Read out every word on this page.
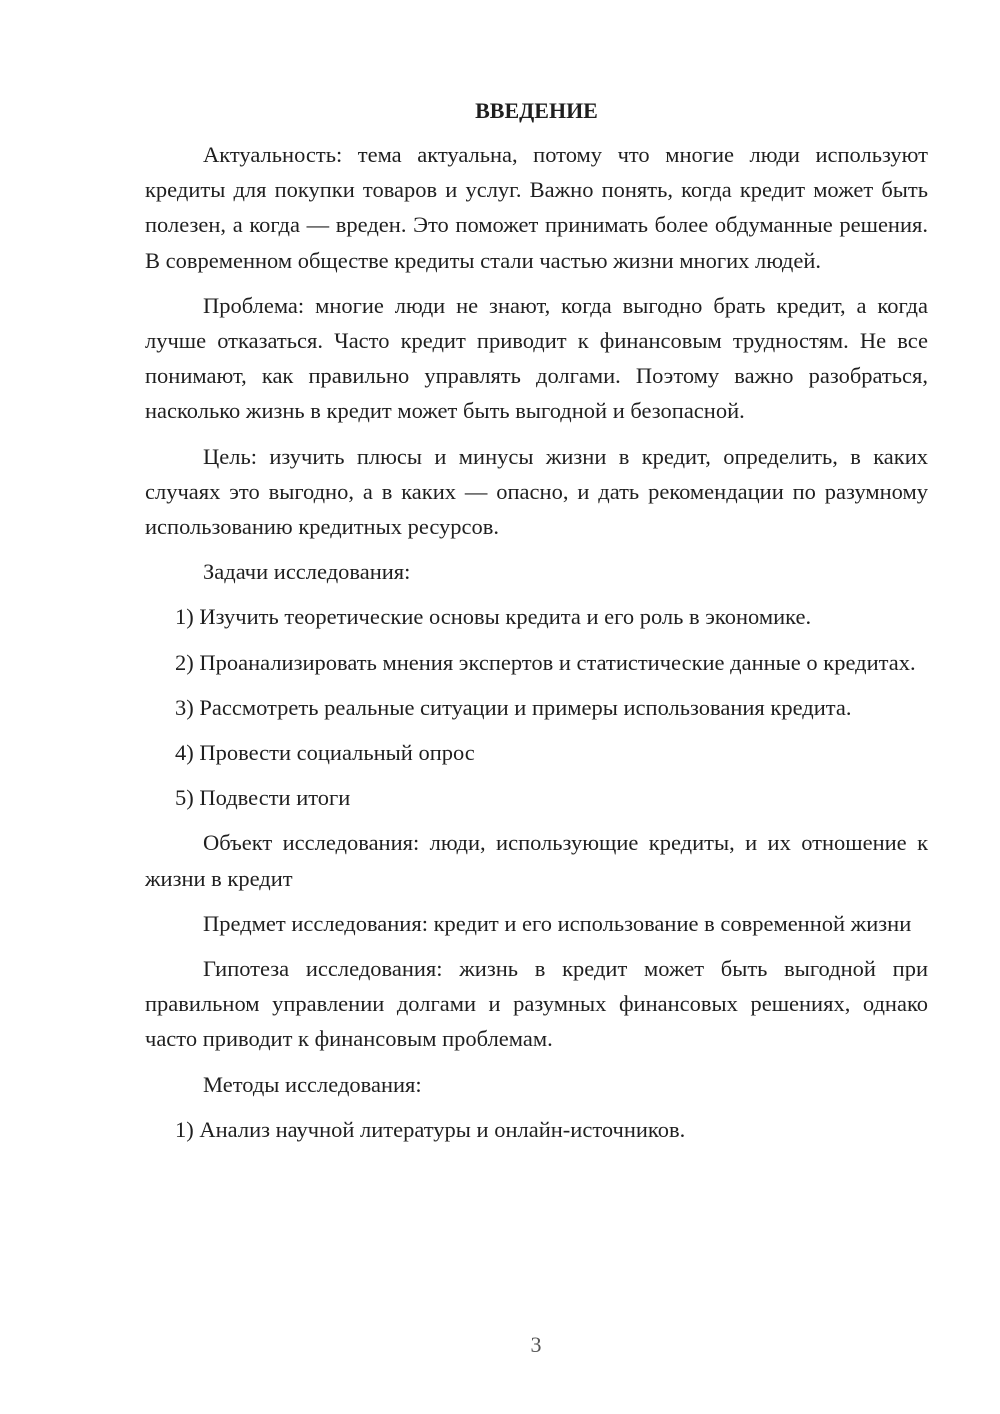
ВВЕДЕНИЕ

Актуальность: тема актуальна, потому что многие люди используют кредиты для покупки товаров и услуг. Важно понять, когда кредит может быть полезен, а когда — вреден. Это поможет принимать более обдуманные решения. В современном обществе кредиты стали частью жизни многих людей.

Проблема: многие люди не знают, когда выгодно брать кредит, а когда лучше отказаться. Часто кредит приводит к финансовым трудностям. Не все понимают, как правильно управлять долгами. Поэтому важно разобраться, насколько жизнь в кредит может быть выгодной и безопасной.

Цель: изучить плюсы и минусы жизни в кредит, определить, в каких случаях это выгодно, а в каких — опасно, и дать рекомендации по разумному использованию кредитных ресурсов.

Задачи исследования:

1) Изучить теоретические основы кредита и его роль в экономике.

2) Проанализировать мнения экспертов и статистические данные о кредитах.

3) Рассмотреть реальные ситуации и примеры использования кредита.

4) Провести социальный опрос

5) Подвести итоги

Объект исследования: люди, использующие кредиты, и их отношение к жизни в кредит

Предмет исследования: кредит и его использование в современной жизни

Гипотеза исследования: жизнь в кредит может быть выгодной при правильном управлении долгами и разумных финансовых решениях, однако часто приводит к финансовым проблемам.

Методы исследования:

1) Анализ научной литературы и онлайн-источников.

3
